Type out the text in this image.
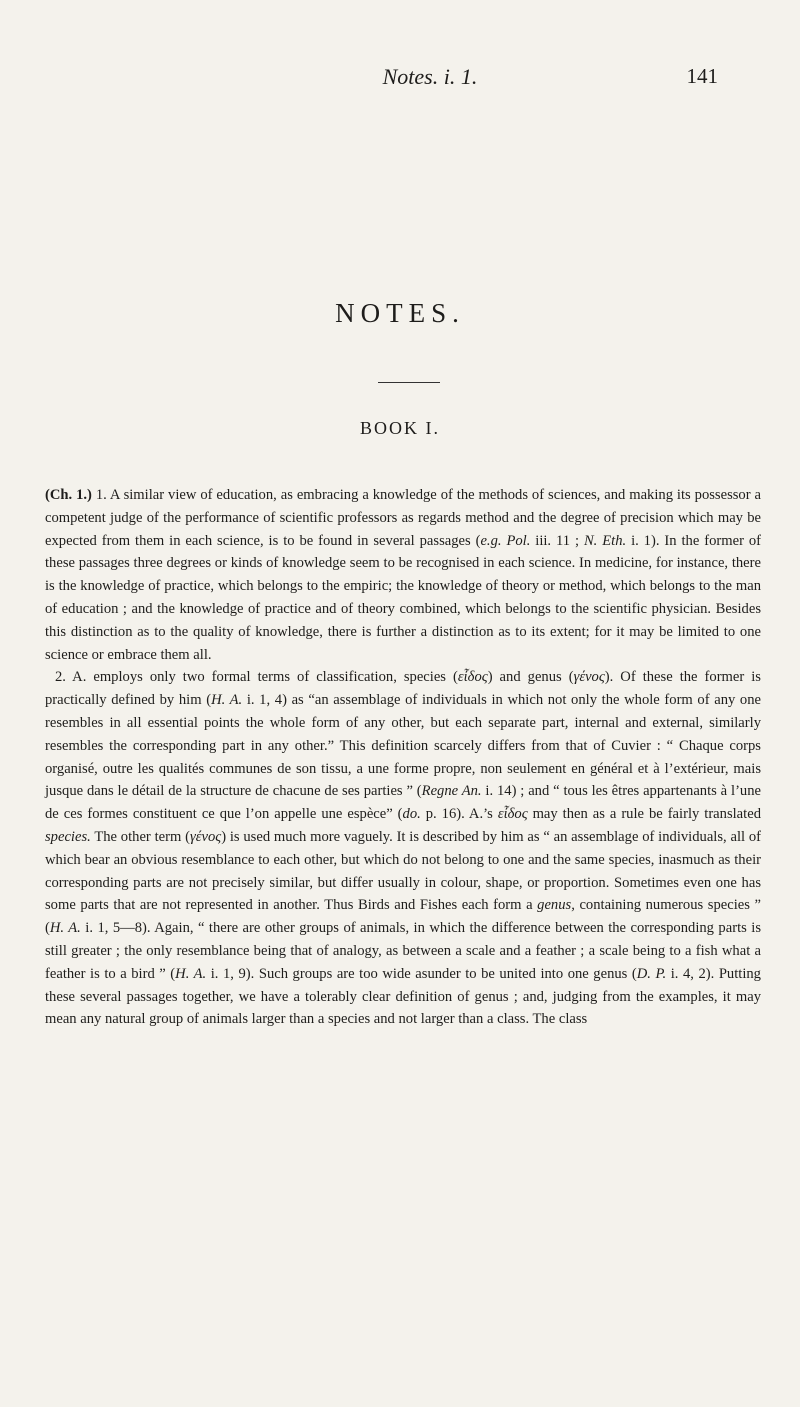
Notes. i. 1.	141
NOTES.
BOOK I.

(Ch. 1.) 1. A similar view of education, as embracing a knowledge of the methods of sciences, and making its possessor a competent judge of the performance of scientific professors as regards method and the degree of precision which may be expected from them in each science, is to be found in several passages (e.g. Pol. iii. 11 ; N. Eth. i. 1). In the former of these passages three degrees or kinds of knowledge seem to be recognised in each science. In medicine, for instance, there is the knowledge of practice, which belongs to the empiric; the knowledge of theory or method, which belongs to the man of education ; and the knowledge of practice and of theory combined, which belongs to the scientific physician. Besides this distinction as to the quality of knowledge, there is further a distinction as to its extent; for it may be limited to one science or embrace them all.

2. A. employs only two formal terms of classification, species (εἶδος) and genus (γένος). Of these the former is practically defined by him (H. A. i. 1, 4) as “an assemblage of individuals in which not only the whole form of any one resembles in all essential points the whole form of any other, but each separate part, internal and external, similarly resembles the corresponding part in any other.” This definition scarcely differs from that of Cuvier : “ Chaque corps organisé, outre les qualités communes de son tissu, a une forme propre, non seulement en général et à l’extérieur, mais jusque dans le détail de la structure de chacune de ses parties ” (Regne An. i. 14) ; and “ tous les êtres appartenants à l’une de ces formes constituent ce que l’on appelle une espèce” (do. p. 16). A.’s εἶδος may then as a rule be fairly translated species. The other term (γένος) is used much more vaguely. It is described by him as “ an assemblage of individuals, all of which bear an obvious resemblance to each other, but which do not belong to one and the same species, inasmuch as their corresponding parts are not precisely similar, but differ usually in colour, shape, or proportion. Sometimes even one has some parts that are not represented in another. Thus Birds and Fishes each form a genus, containing numerous species ” (H. A. i. 1, 5—8). Again, “ there are other groups of animals, in which the difference between the corresponding parts is still greater ; the only resemblance being that of analogy, as between a scale and a feather ; a scale being to a fish what a feather is to a bird ” (H. A. i. 1, 9). Such groups are too wide asunder to be united into one genus (D. P. i. 4, 2). Putting these several passages together, we have a tolerably clear definition of genus ; and, judging from the examples, it may mean any natural group of animals larger than a species and not larger than a class. The class
